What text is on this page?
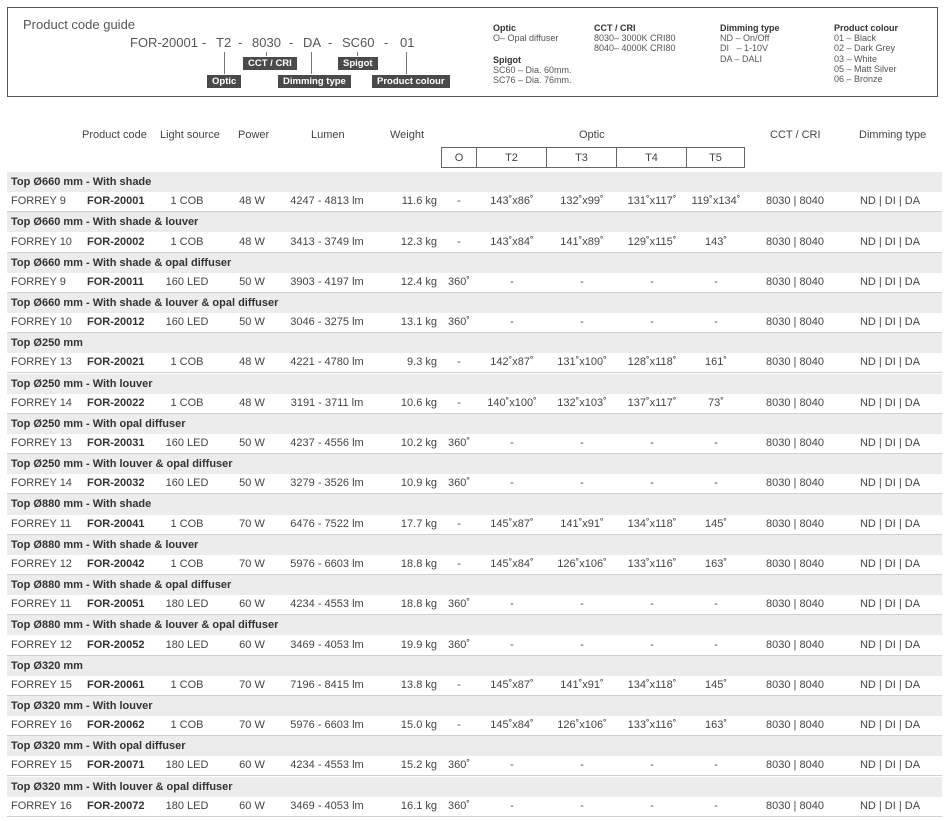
Product code guide
FOR-20001 - T2 - 8030 - DA - SC60 - 01
Optic
CCT / CRI
Dimming type
Spigot
Product colour
Optic
O– Opal diffuser
Spigot
SC60 – Dia. 60mm.
SC76 – Dia. 76mm.
CCT / CRI
8030– 3000K CRI80
8040– 4000K CRI80
Dimming type
ND – On/Off
DI   – 1-10V
DA – DALI
Product colour
01 – Black
02 – Dark Grey
03 – White
05 – Matt Silver
06 – Bronze
Product code Light source Power	Lumen	Weight	Optic	CCT / CRI	Dimming type
O	T2	T3	T4	T5
Top Ø660 mm - With shade
FORREY 9 FOR-20001	1 COB	48 W	4247 - 4813 lm	11.6 kg	-	143˚x86˚	132˚x99˚	131˚x117˚	119˚x134˚	8030 | 8040	ND | DI | DA
Top Ø660 mm - With shade & louver
FORREY 10 FOR-20002	1 COB	48 W	3413 - 3749 lm	12.3 kg	-	143˚x84˚	141˚x89˚	129˚x115˚	143˚	8030 | 8040	ND | DI | DA
Top Ø660 mm - With shade & opal diffuser
FORREY 9 FOR-20011	160 LED	50 W	3903 - 4197 lm	12.4 kg 360˚	-	-	-	-	8030 | 8040	ND | DI | DA
Top Ø660 mm - With shade & louver & opal diffuser
FORREY 10 FOR-20012	160 LED	50 W	3046 - 3275 lm	13.1 kg 360˚	-	-	-	-	8030 | 8040	ND | DI | DA
Top Ø250 mm
FORREY 13 FOR-20021	1 COB	48 W	4221 - 4780 lm	9.3 kg	-	142˚x87˚	131˚x100˚	128˚x118˚	161˚	8030 | 8040	ND | DI | DA
Top Ø250 mm - With louver
FORREY 14 FOR-20022	1 COB	48 W	3191 - 3711 lm	10.6 kg	-	140˚x100˚	132˚x103˚	137˚x117˚	73˚	8030 | 8040	ND | DI | DA
Top Ø250 mm - With opal diffuser
FORREY 13 FOR-20031	160 LED	50 W	4237 - 4556 lm	10.2 kg 360˚	-	-	-	-	8030 | 8040	ND | DI | DA
Top Ø250 mm - With louver & opal diffuser
FORREY 14 FOR-20032	160 LED	50 W	3279 - 3526 lm	10.9 kg 360˚	-	-	-	-	8030 | 8040	ND | DI | DA
Top Ø880 mm - With shade
FORREY 11 FOR-20041	1 COB	70 W	6476 - 7522 lm	17.7 kg	-	145˚x87˚	141˚x91˚	134˚x118˚	145˚	8030 | 8040	ND | DI | DA
Top Ø880 mm - With shade & louver
FORREY 12 FOR-20042	1 COB	70 W	5976 - 6603 lm	18.8 kg	-	145˚x84˚	126˚x106˚	133˚x116˚	163˚	8030 | 8040	ND | DI | DA
Top Ø880 mm - With shade & opal diffuser
FORREY 11 FOR-20051	180 LED	60 W	4234 - 4553 lm	18.8 kg 360˚	-	-	-	-	8030 | 8040	ND | DI | DA
Top Ø880 mm - With shade & louver & opal diffuser
FORREY 12 FOR-20052	180 LED	60 W	3469 - 4053 lm	19.9 kg 360˚	-	-	-	-	8030 | 8040	ND | DI | DA
Top Ø320 mm
FORREY 15 FOR-20061	1 COB	70 W	7196 - 8415 lm	13.8 kg	-	145˚x87˚	141˚x91˚	134˚x118˚	145˚	8030 | 8040	ND | DI | DA
Top Ø320 mm - With louver
FORREY 16 FOR-20062	1 COB	70 W	5976 - 6603 lm	15.0 kg	-	145˚x84˚	126˚x106˚	133˚x116˚	163˚	8030 | 8040	ND | DI | DA
Top Ø320 mm - With opal diffuser
FORREY 15 FOR-20071	180 LED	60 W	4234 - 4553 lm	15.2 kg 360˚	-	-	-	-	8030 | 8040	ND | DI | DA
Top Ø320 mm - With louver & opal diffuser
FORREY 16 FOR-20072	180 LED	60 W	3469 - 4053 lm	16.1 kg 360˚	-	-	-	-	8030 | 8040	ND | DI | DA
